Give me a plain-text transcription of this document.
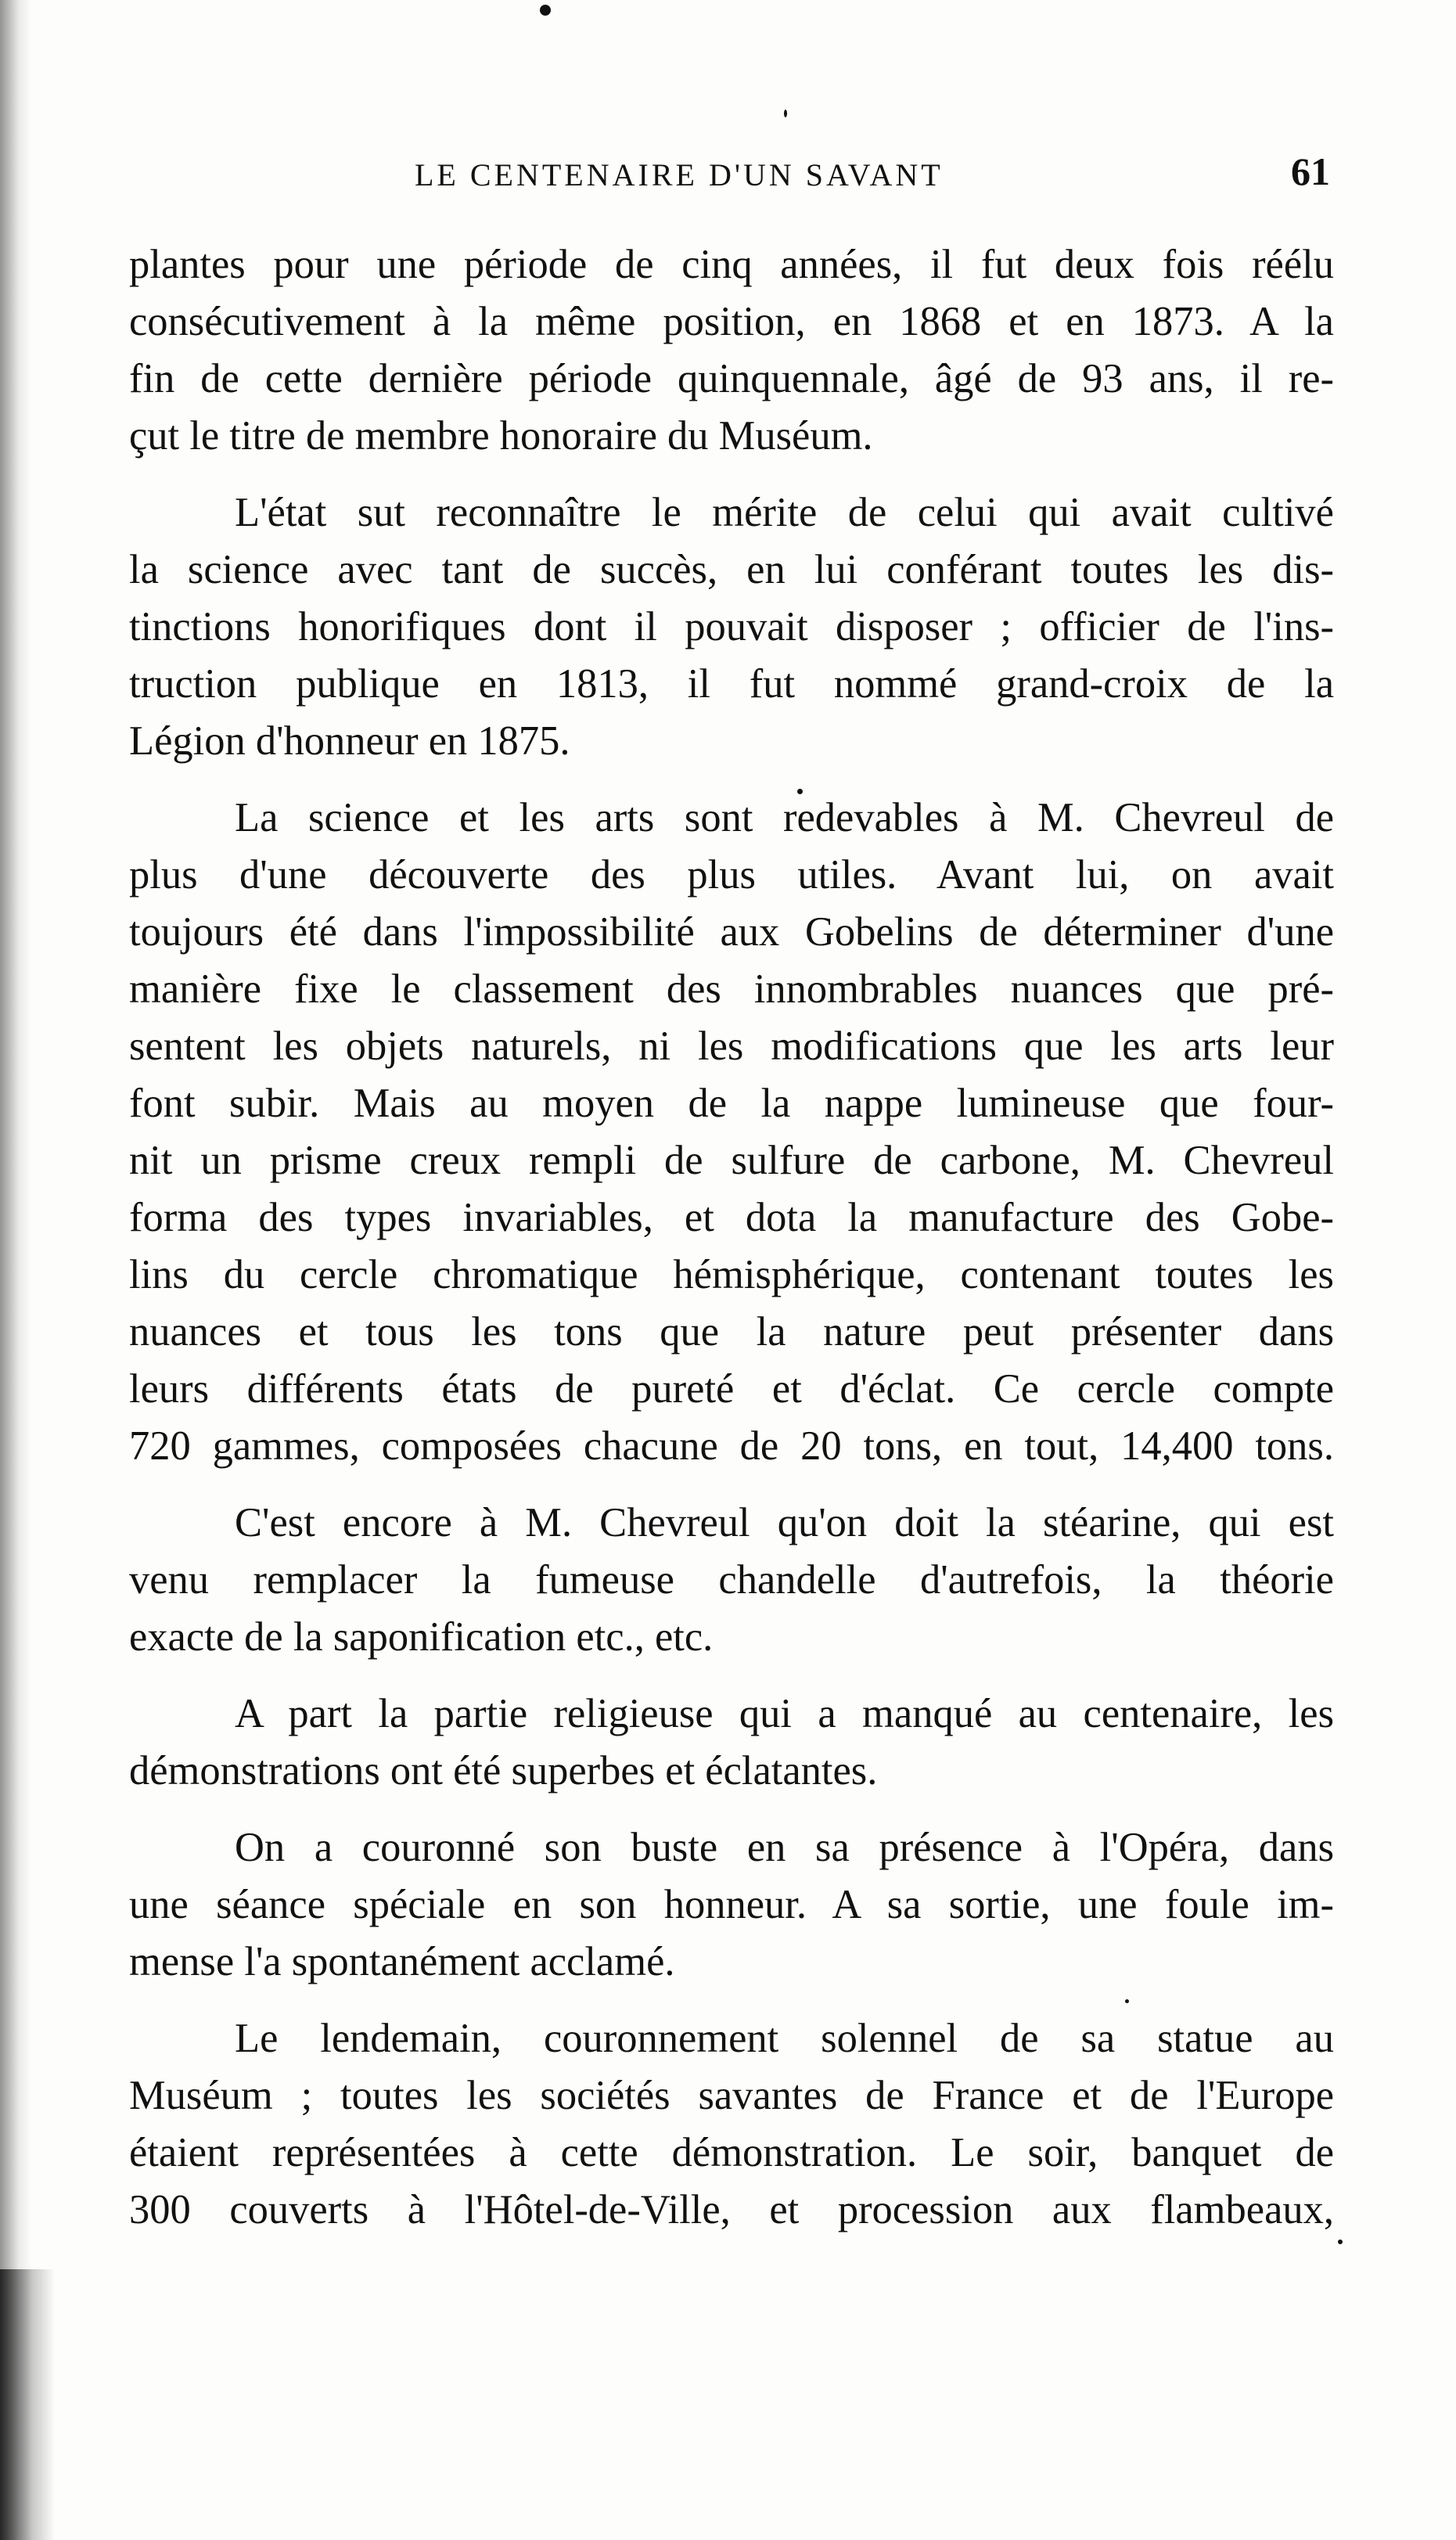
LE CENTENAIRE D'UN SAVANT	61
plantes pour une période de cinq années, il fut deux fois réélu
consécutivement à la même position, en 1868 et en 1873. A la
fin de cette dernière période quinquennale, âgé de 93 ans, il re-
çut le titre de membre honoraire du Muséum.
L'état sut reconnaître le mérite de celui qui avait cultivé
la science avec tant de succès, en lui conférant toutes les dis-
tinctions honorifiques dont il pouvait disposer ; officier de l'ins-
truction publique en 1813, il fut nommé grand-croix de la
Légion d'honneur en 1875.
La science et les arts sont redevables à M. Chevreul de
plus d'une découverte des plus utiles. Avant lui, on avait
toujours été dans l'impossibilité aux Gobelins de déterminer d'une
manière fixe le classement des innombrables nuances que pré-
sentent les objets naturels, ni les modifications que les arts leur
font subir. Mais au moyen de la nappe lumineuse que four-
nit un prisme creux rempli de sulfure de carbone, M. Chevreul
forma des types invariables, et dota la manufacture des Gobe-
lins du cercle chromatique hémisphérique, contenant toutes les
nuances et tous les tons que la nature peut présenter dans
leurs différents états de pureté et d'éclat. Ce cercle compte
720 gammes, composées chacune de 20 tons, en tout, 14,400 tons.
C'est encore à M. Chevreul qu'on doit la stéarine, qui est
venu remplacer la fumeuse chandelle d'autrefois, la théorie
exacte de la saponification etc., etc.
A part la partie religieuse qui a manqué au centenaire, les
démonstrations ont été superbes et éclatantes.
On a couronné son buste en sa présence à l'Opéra, dans
une séance spéciale en son honneur. A sa sortie, une foule im-
mense l'a spontanément acclamé.
Le lendemain, couronnement solennel de sa statue au
Muséum ; toutes les sociétés savantes de France et de l'Europe
étaient représentées à cette démonstration. Le soir, banquet de
300 couverts à l'Hôtel-de-Ville, et procession aux flambeaux,
